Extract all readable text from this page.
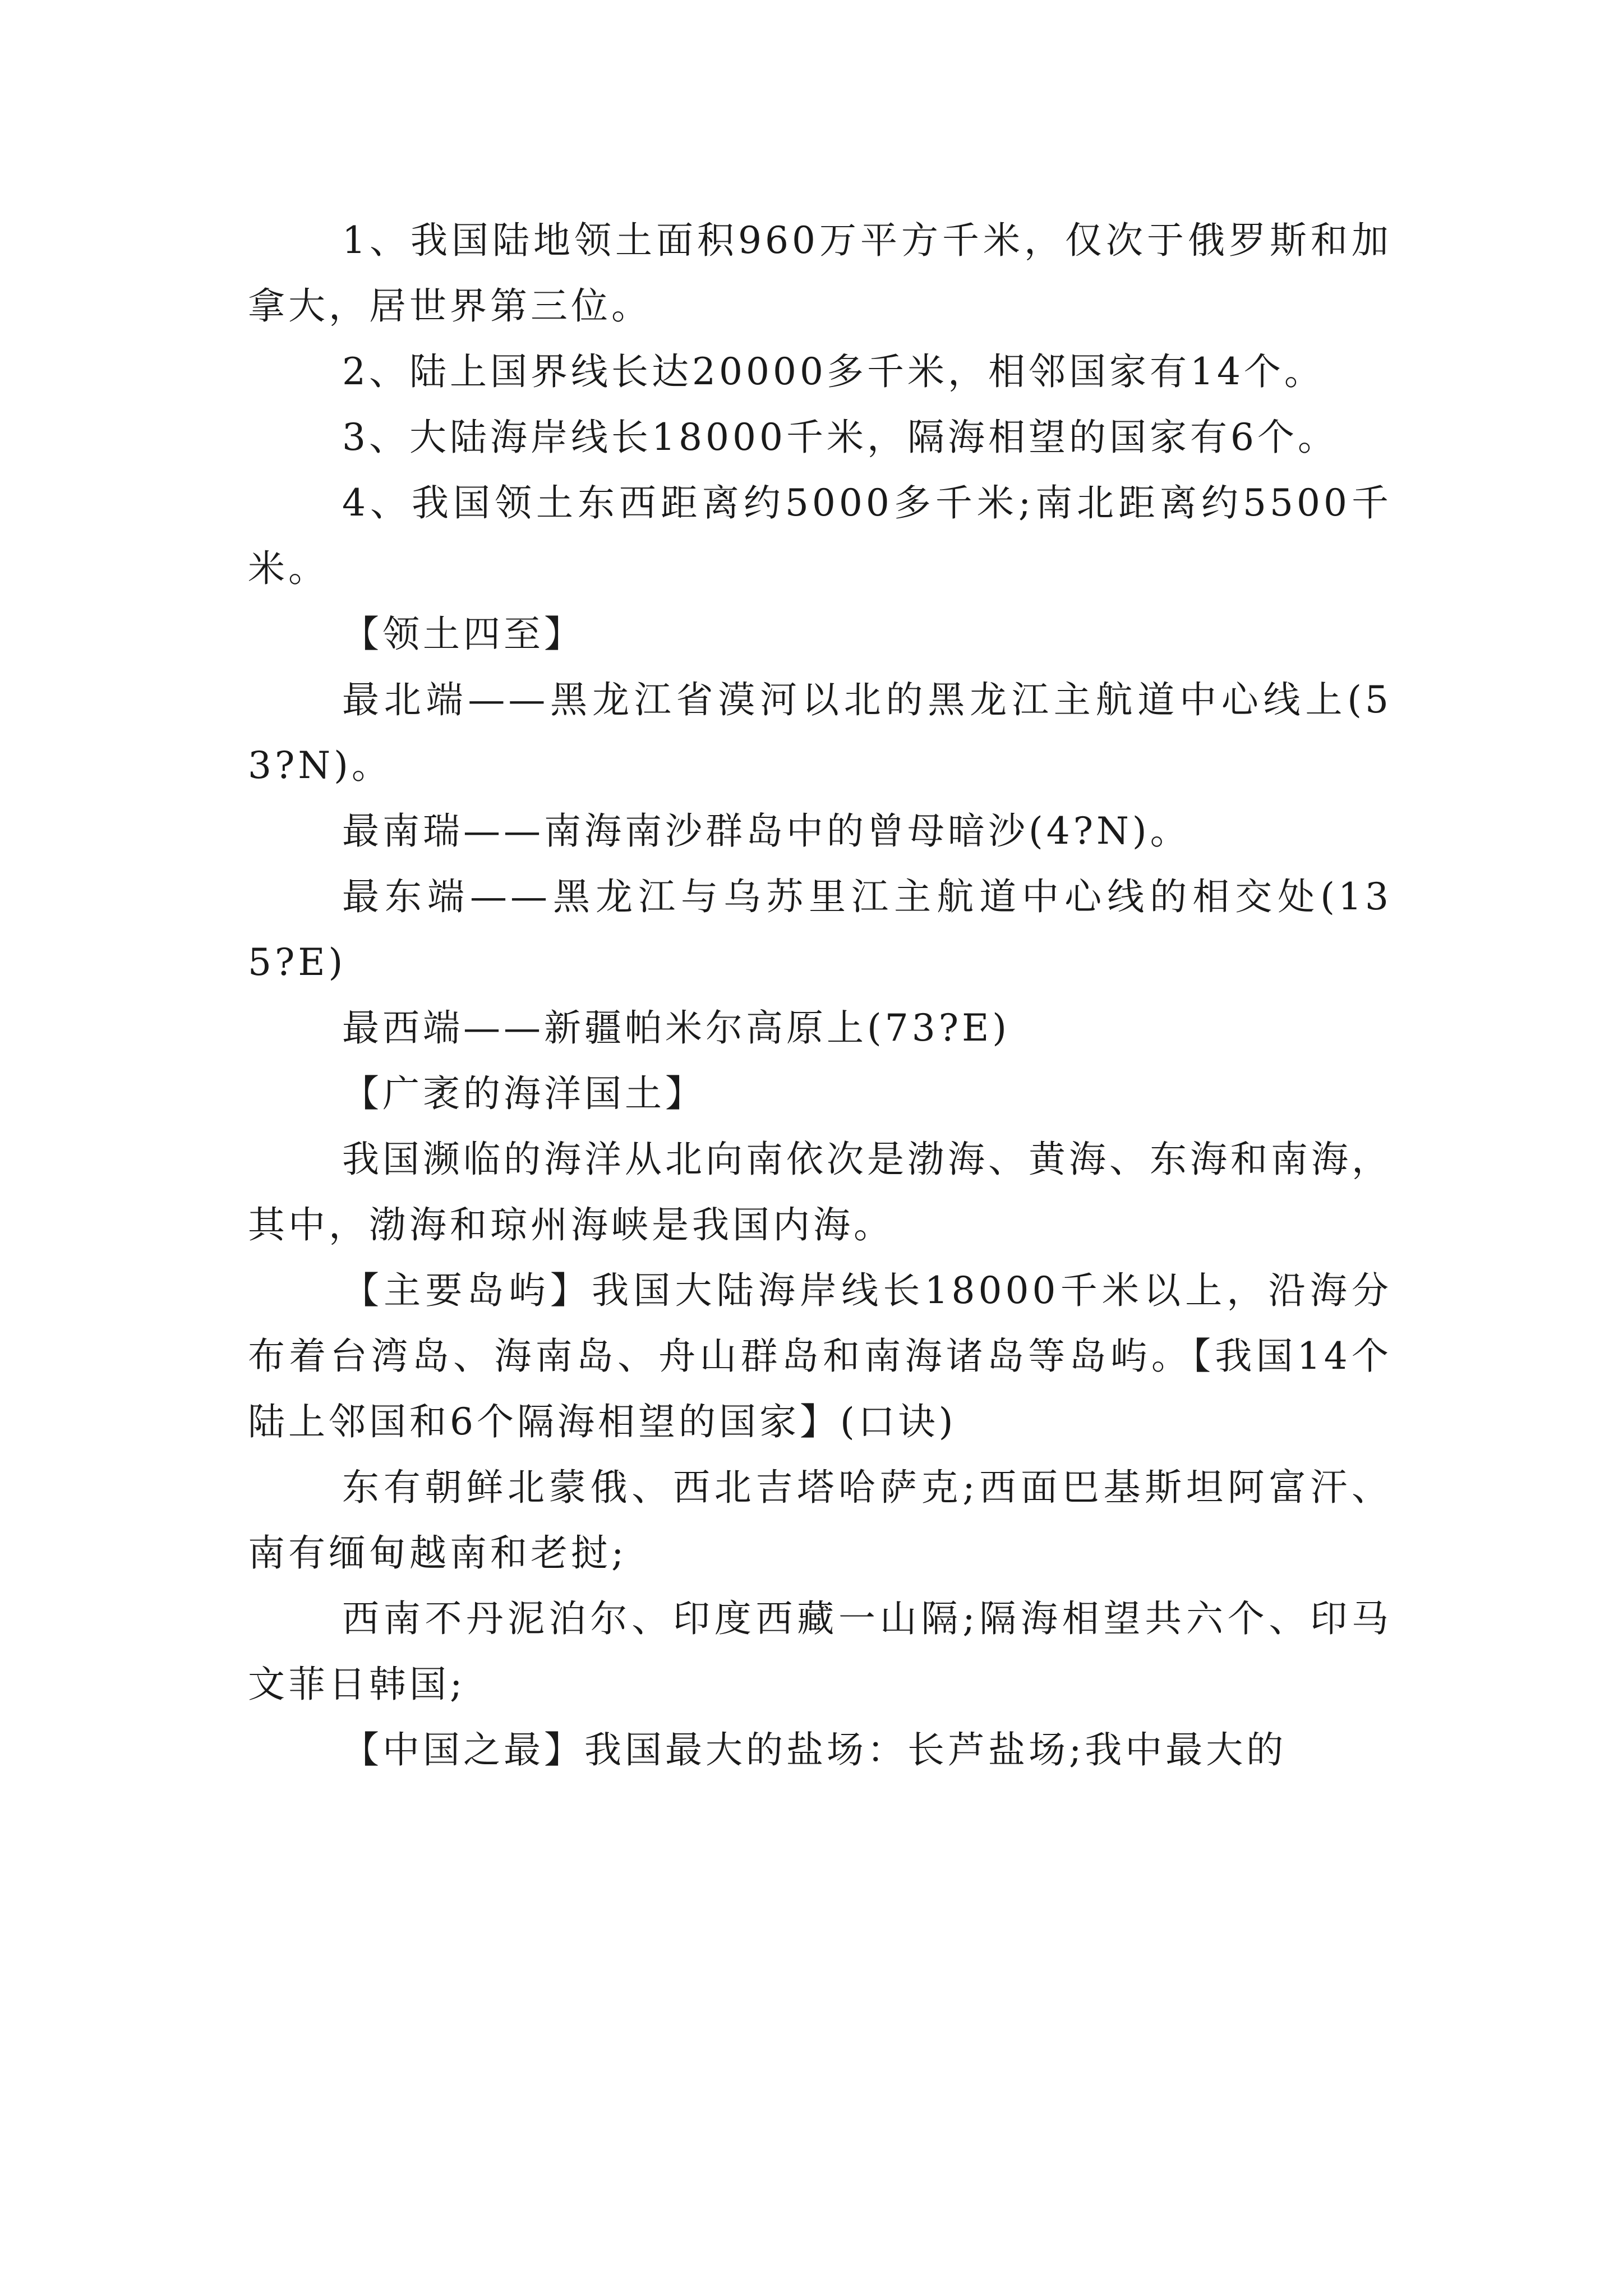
1、我国陆地领土面积960万平方千米，仅次于俄罗斯和加拿大，居世界第三位。

2、陆上国界线长达20000多千米，相邻国家有14个。

3、大陆海岸线长18000千米，隔海相望的国家有6个。

4、我国领土东西距离约5000多千米;南北距离约5500千米。

【领土四至】

最北端——黑龙江省漠河以北的黑龙江主航道中心线上(53?N)。

最南瑞——南海南沙群岛中的曾母暗沙(4?N)。

最东端——黑龙江与乌苏里江主航道中心线的相交处(135?E)

最西端——新疆帕米尔高原上(73?E)

【广袤的海洋国土】

我国濒临的海洋从北向南依次是渤海、黄海、东海和南海，其中，渤海和琼州海峡是我国内海。

【主要岛屿】我国大陆海岸线长18000千米以上，沿海分布着台湾岛、海南岛、舟山群岛和南海诸岛等岛屿。【我国14个陆上邻国和6个隔海相望的国家】(口诀)

东有朝鲜北蒙俄、西北吉塔哈萨克;西面巴基斯坦阿富汗、南有缅甸越南和老挝;

西南不丹泥泊尔、印度西藏一山隔;隔海相望共六个、印马文菲日韩国;

【中国之最】我国最大的盐场：长芦盐场;我中最大的
